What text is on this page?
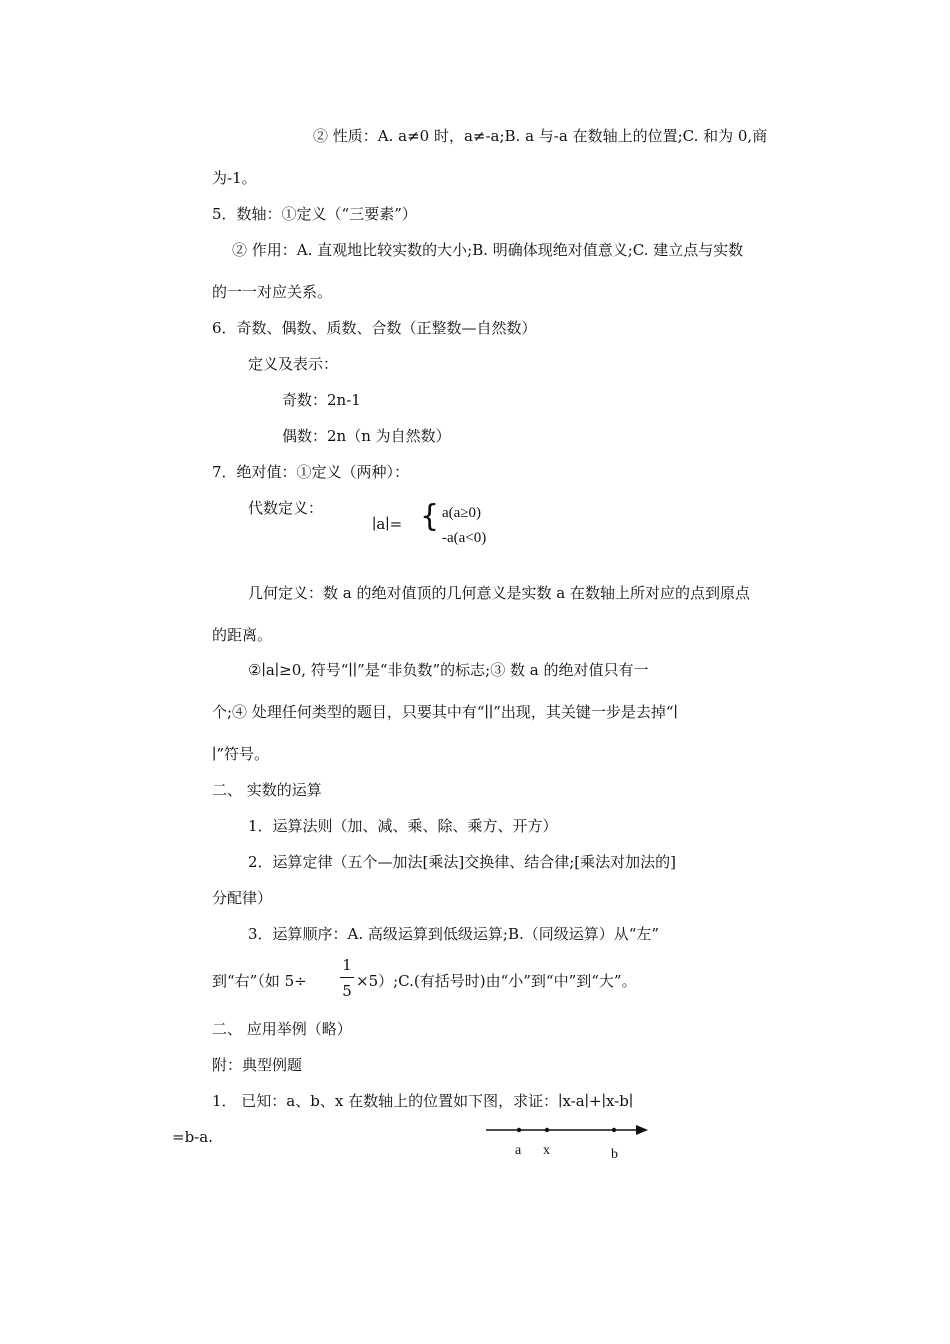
② 性质：A. a≠0 时，a≠-a;B. a 与-a 在数轴上的位置;C. 和为 0,商
为-1。
5．数轴：①定义（“三要素”）
② 作用：A. 直观地比较实数的大小;B. 明确体现绝对值意义;C. 建立点与实数
的一一对应关系。
6．奇数、偶数、质数、合数（正整数—自然数）
定义及表示：
奇数：2n-1
偶数：2n（n 为自然数）
7．绝对值：①定义（两种）：
代数定义：
∣a∣= { a(a≥0)
-a(a<0)
几何定义：数 a 的绝对值顶的几何意义是实数 a 在数轴上所对应的点到原点
的距离。
②∣a∣≥0, 符号“∣∣”是“非负数”的标志;③ 数 a 的绝对值只有一
个;④ 处理任何类型的题目，只要其中有“∣∣”出现，其关键一步是去掉“∣
∣”符号。
二、 实数的运算
1．运算法则（加、减、乘、除、乘方、开方）
2．运算定律（五个—加法[乘法]交换律、结合律;[乘法对加法的]
分配律）
3．运算顺序：A. 高级运算到低级运算;B.（同级运算）从“左”
到“右”（如 5÷
1
5
×5）;C.(有括号时)由“小”到“中”到“大”。
二、 应用举例（略）
附：典型例题
1． 已知：a、b、x 在数轴上的位置如下图，求证：∣x-a∣+∣x-b∣
=b-a.
a x	b
